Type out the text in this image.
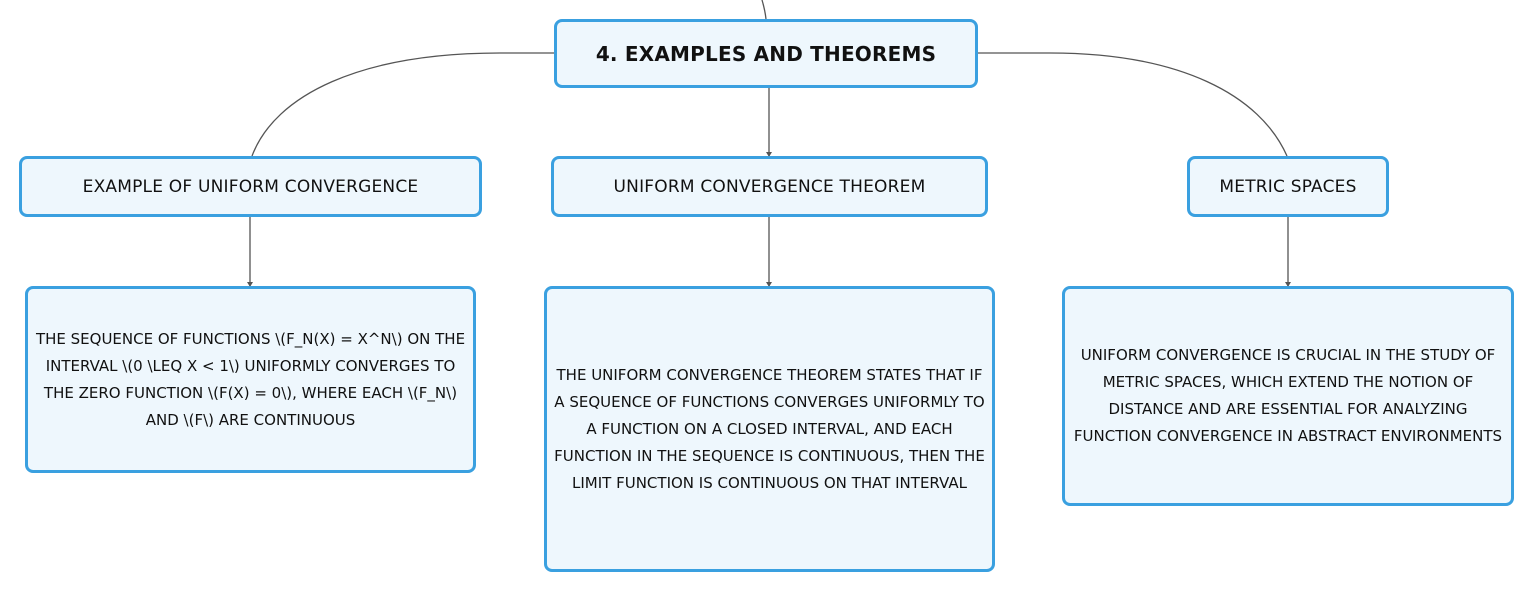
4. EXAMPLES AND THEOREMS
EXAMPLE OF UNIFORM CONVERGENCE	UNIFORM CONVERGENCE THEOREM	METRIC SPACES
THE SEQUENCE OF FUNCTIONS \(F_N(X) = X^N\) ON THE INTERVAL \(0 \LEQ X < 1\) UNIFORMLY CONVERGES TO THE ZERO FUNCTION \(F(X) = 0\), WHERE EACH \(F_N\) AND \(F\) ARE CONTINUOUS
THE UNIFORM CONVERGENCE THEOREM STATES THAT IF A SEQUENCE OF FUNCTIONS CONVERGES UNIFORMLY TO A FUNCTION ON A CLOSED INTERVAL, AND EACH FUNCTION IN THE SEQUENCE IS CONTINUOUS, THEN THE LIMIT FUNCTION IS CONTINUOUS ON THAT INTERVAL
UNIFORM CONVERGENCE IS CRUCIAL IN THE STUDY OF METRIC SPACES, WHICH EXTEND THE NOTION OF DISTANCE AND ARE ESSENTIAL FOR ANALYZING FUNCTION CONVERGENCE IN ABSTRACT ENVIRONMENTS
